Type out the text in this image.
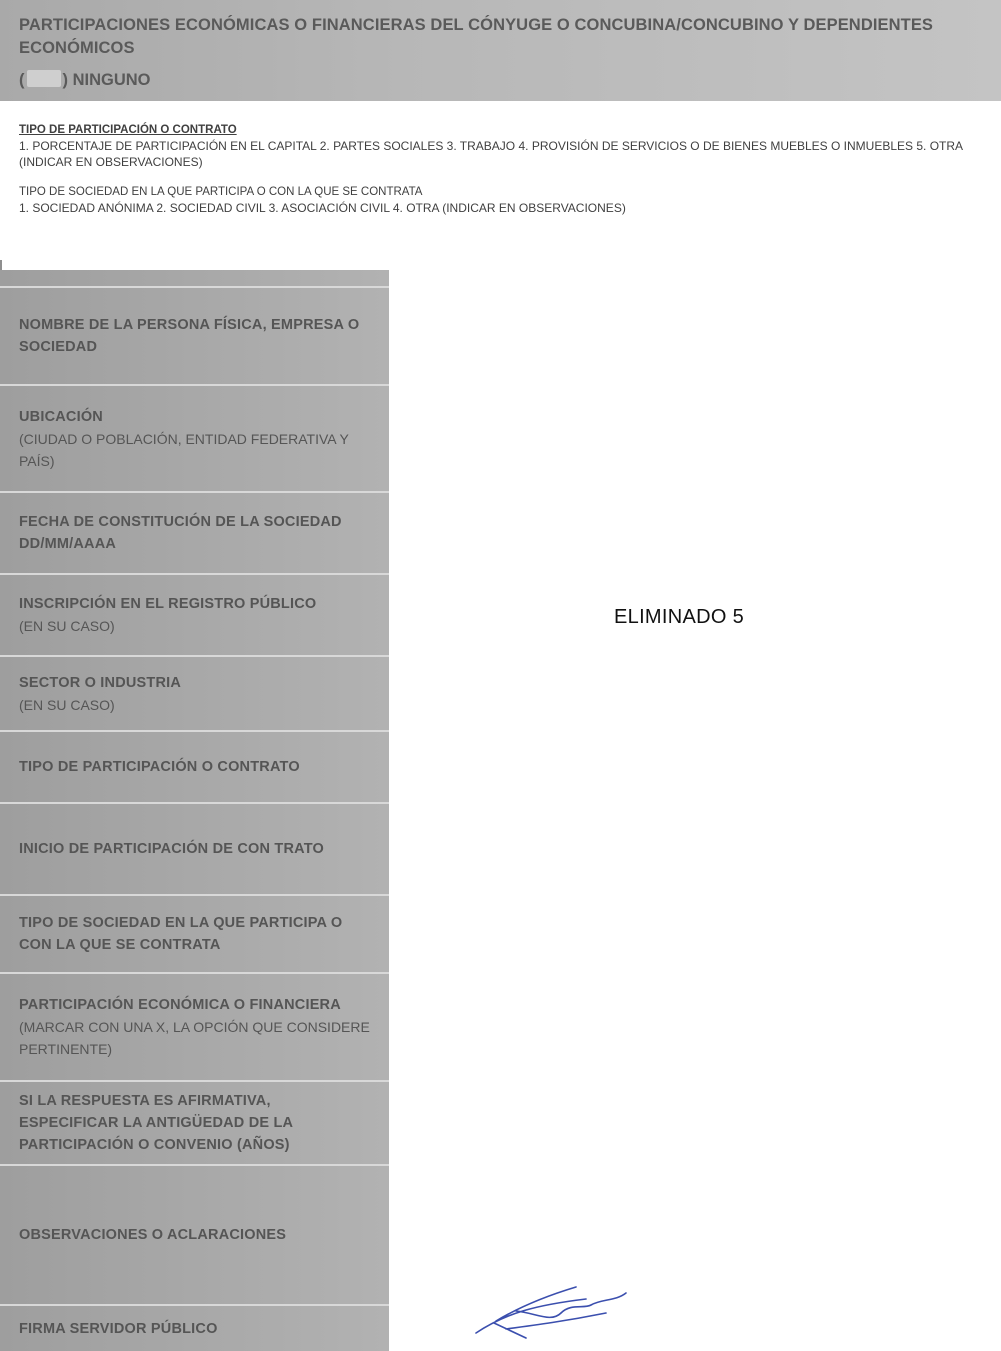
PARTICIPACIONES ECONÓMICAS O FINANCIERAS DEL CÓNYUGE O CONCUBINA/CONCUBINO Y DEPENDIENTES ECONÓMICOS
( ) NINGUNO
TIPO DE PARTICIPACIÓN O CONTRATO
1. PORCENTAJE DE PARTICIPACIÓN EN EL CAPITAL 2. PARTES SOCIALES 3. TRABAJO 4. PROVISIÓN DE SERVICIOS O DE BIENES MUEBLES O INMUEBLES 5. OTRA (INDICAR EN OBSERVACIONES)
TIPO DE SOCIEDAD EN LA QUE PARTICIPA O CON LA QUE SE CONTRATA
1. SOCIEDAD ANÓNIMA 2. SOCIEDAD CIVIL 3. ASOCIACIÓN CIVIL 4. OTRA (INDICAR EN OBSERVACIONES)
NOMBRE DE LA PERSONA FÍSICA, EMPRESA O SOCIEDAD
UBICACIÓN
(CIUDAD O POBLACIÓN, ENTIDAD FEDERATIVA Y PAÍS)
FECHA DE CONSTITUCIÓN DE LA SOCIEDAD DD/MM/AAAA
INSCRIPCIÓN EN EL REGISTRO PÚBLICO
(EN SU CASO)
SECTOR O INDUSTRIA
(EN SU CASO)
TIPO DE PARTICIPACIÓN O CONTRATO
INICIO DE PARTICIPACIÓN DE CON TRATO
TIPO DE SOCIEDAD EN LA QUE PARTICIPA O CON LA QUE SE CONTRATA
PARTICIPACIÓN ECONÓMICA O FINANCIERA
(MARCAR CON UNA X, LA OPCIÓN QUE CONSIDERE PERTINENTE)
SI LA RESPUESTA ES AFIRMATIVA, ESPECIFICAR LA ANTIGÜEDAD DE LA PARTICIPACIÓN O CONVENIO (AÑOS)
OBSERVACIONES O ACLARACIONES
FIRMA SERVIDOR PÚBLICO
ELIMINADO 5
